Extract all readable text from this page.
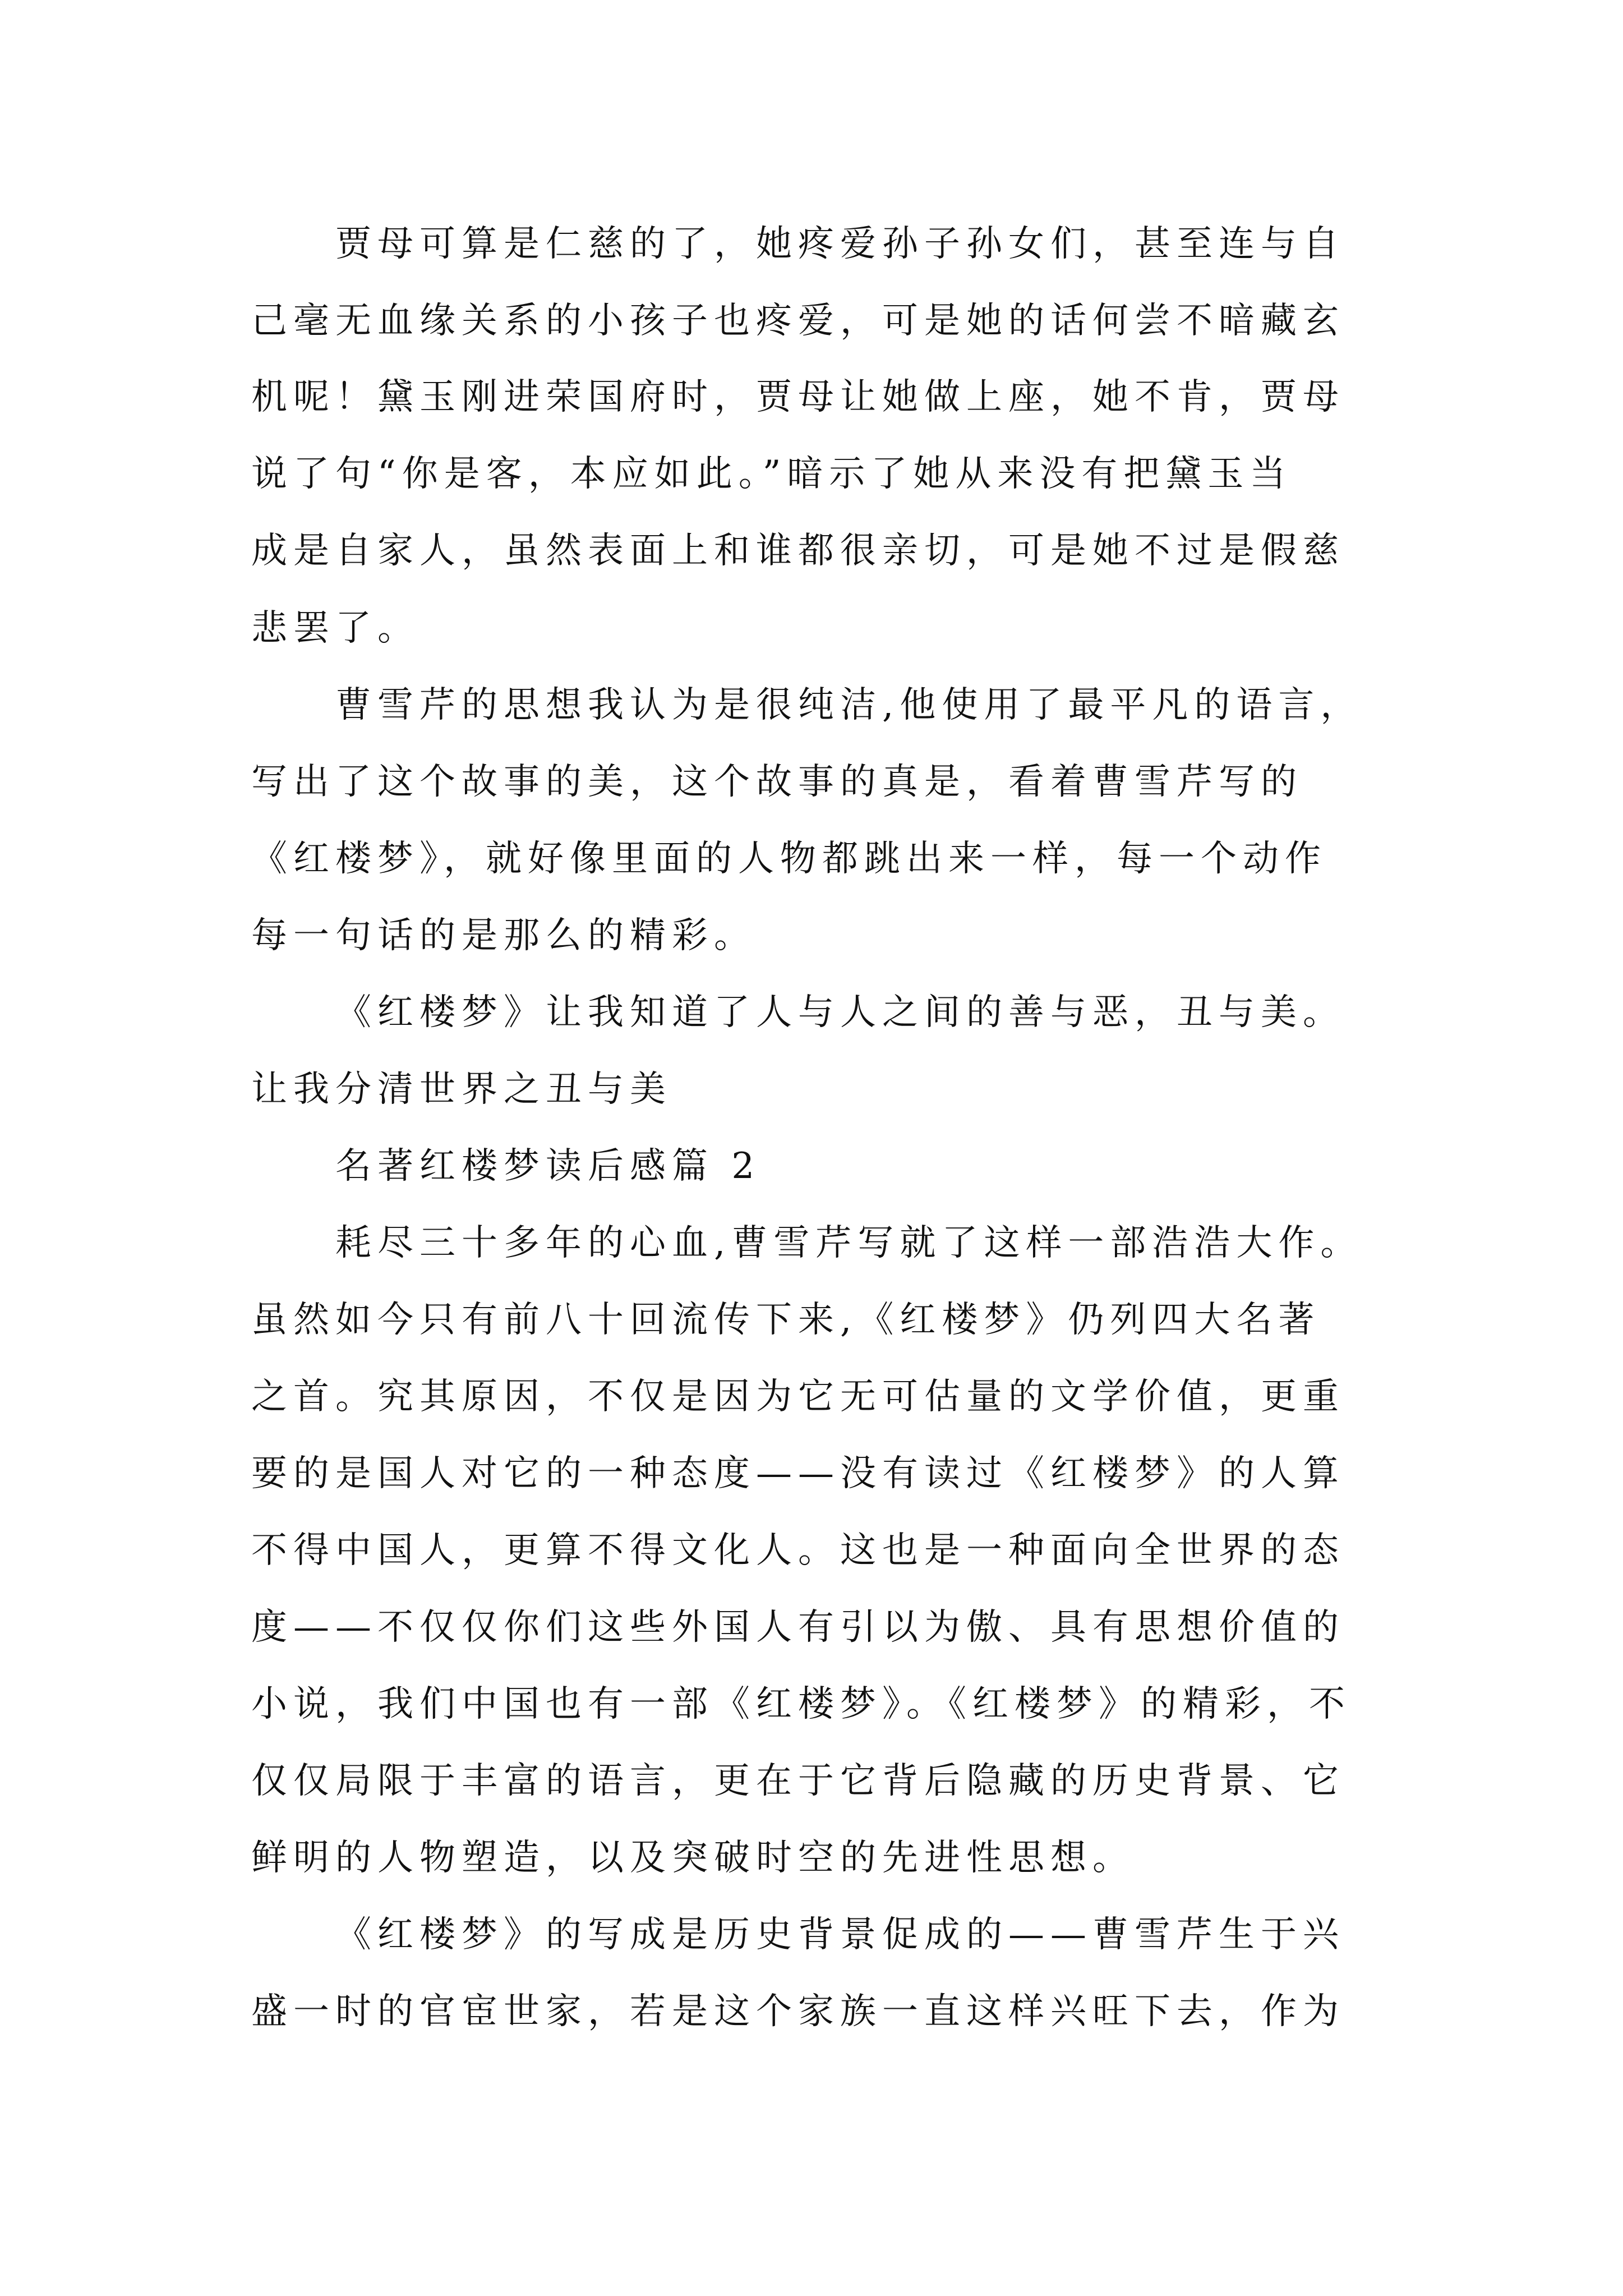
贾母可算是仁慈的了，她疼爱孙子孙女们，甚至连与自
己毫无血缘关系的小孩子也疼爱，可是她的话何尝不暗藏玄
机呢！黛玉刚进荣国府时，贾母让她做上座，她不肯，贾母
说了句“你是客，本应如此。”暗示了她从来没有把黛玉当
成是自家人，虽然表面上和谁都很亲切，可是她不过是假慈
悲罢了。
曹雪芹的思想我认为是很纯洁,他使用了最平凡的语言，
写出了这个故事的美，这个故事的真是，看着曹雪芹写的
《红楼梦》，就好像里面的人物都跳出来一样，每一个动作
每一句话的是那么的精彩。
《红楼梦》让我知道了人与人之间的善与恶，丑与美。
让我分清世界之丑与美
名著红楼梦读后感篇 2
耗尽三十多年的心血,曹雪芹写就了这样一部浩浩大作。
虽然如今只有前八十回流传下来,《红楼梦》仍列四大名著
之首。究其原因，不仅是因为它无可估量的文学价值，更重
要的是国人对它的一种态度——没有读过《红楼梦》的人算
不得中国人，更算不得文化人。这也是一种面向全世界的态
度——不仅仅你们这些外国人有引以为傲、具有思想价值的
小说，我们中国也有一部《红楼梦》。《红楼梦》的精彩，不
仅仅局限于丰富的语言，更在于它背后隐藏的历史背景、它
鲜明的人物塑造，以及突破时空的先进性思想。
《红楼梦》的写成是历史背景促成的——曹雪芹生于兴
盛一时的官宦世家，若是这个家族一直这样兴旺下去，作为
